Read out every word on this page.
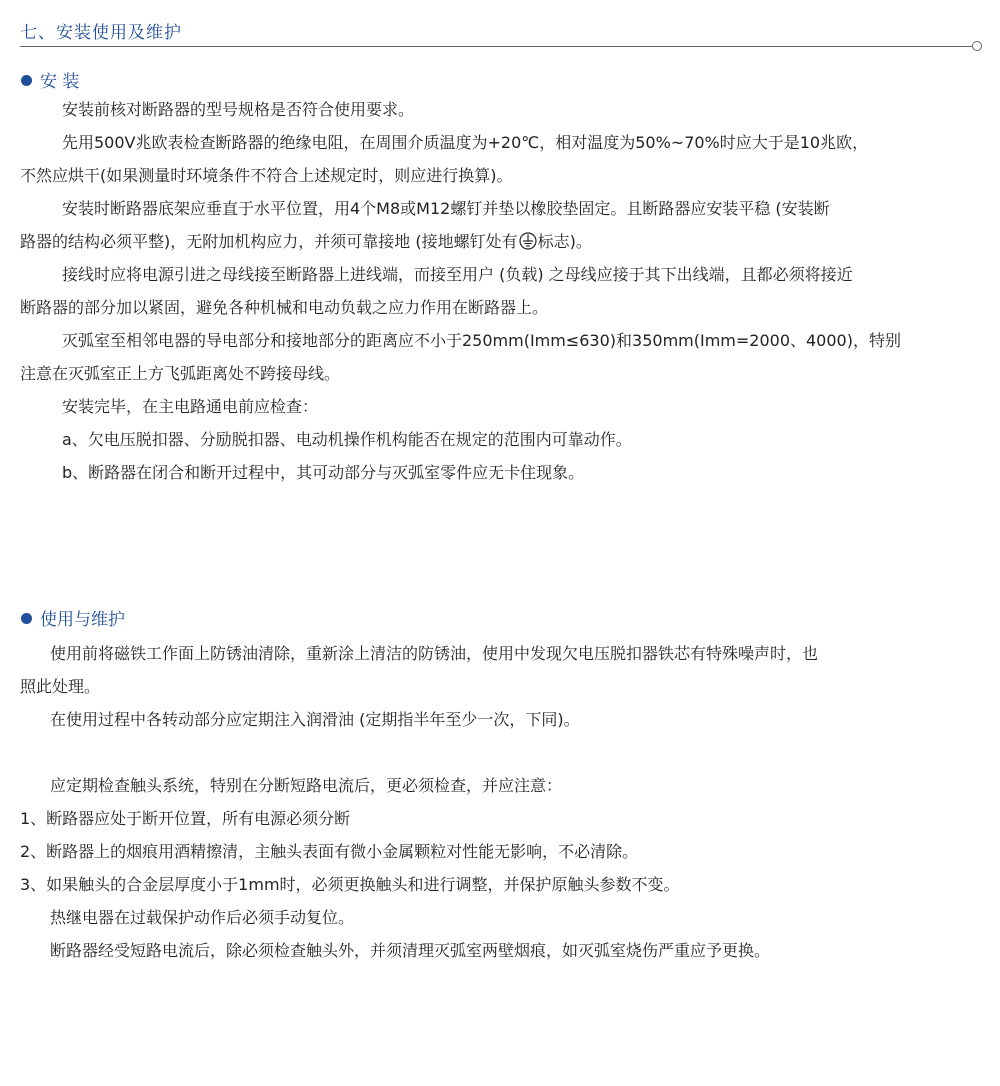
七、安装使用及维护
安 装
安装前核对断路器的型号规格是否符合使用要求。
先用500V兆欧表检查断路器的绝缘电阻，在周围介质温度为+20℃，相对温度为50%~70%时应大于是10兆欧，
不然应烘干(如果测量时环境条件不符合上述规定时，则应进行换算)。
安装时断路器底架应垂直于水平位置，用4个M8或M12螺钉并垫以橡胶垫固定。且断路器应安装平稳 (安装断
路器的结构必须平整)，无附加机构应力，并须可靠接地 (接地螺钉处有 标志)。
接线时应将电源引进之母线接至断路器上进线端，而接至用户 (负载) 之母线应接于其下出线端，且都必须将接近
断路器的部分加以紧固，避免各种机械和电动负载之应力作用在断路器上。
灭弧室至相邻电器的导电部分和接地部分的距离应不小于250mm(Imm≤630)和350mm(Imm=2000、4000)，特别
注意在灭弧室正上方飞弧距离处不跨接母线。
安装完毕，在主电路通电前应检查：
a、欠电压脱扣器、分励脱扣器、电动机操作机构能否在规定的范围内可靠动作。
b、断路器在闭合和断开过程中，其可动部分与灭弧室零件应无卡住现象。
使用与维护
使用前将磁铁工作面上防锈油清除，重新涂上清洁的防锈油，使用中发现欠电压脱扣器铁芯有特殊噪声时，也
照此处理。
在使用过程中各转动部分应定期注入润滑油 (定期指半年至少一次，下同)。
应定期检查触头系统，特别在分断短路电流后，更必须检查，并应注意：
1、断路器应处于断开位置，所有电源必须分断
2、断路器上的烟痕用酒精擦清，主触头表面有微小金属颗粒对性能无影响，不必清除。
3、如果触头的合金层厚度小于1mm时，必须更换触头和进行调整，并保护原触头参数不变。
热继电器在过载保护动作后必须手动复位。
断路器经受短路电流后，除必须检查触头外，并须清理灭弧室两壁烟痕，如灭弧室烧伤严重应予更换。
